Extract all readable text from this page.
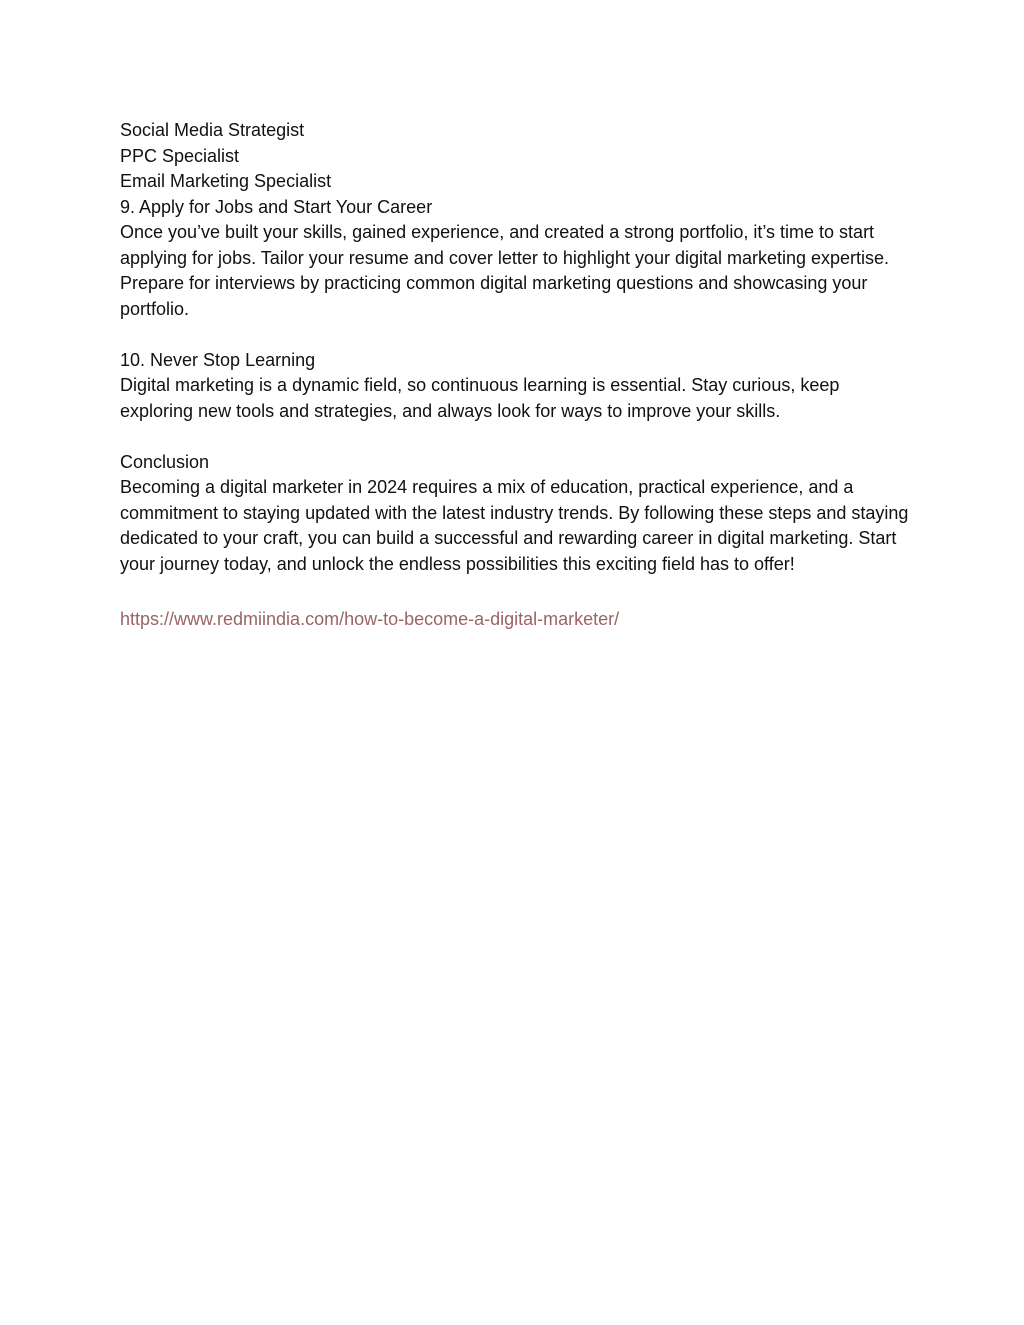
Social Media Strategist
PPC Specialist
Email Marketing Specialist
9. Apply for Jobs and Start Your Career

Once you’ve built your skills, gained experience, and created a strong portfolio, it’s time to start applying for jobs. Tailor your resume and cover letter to highlight your digital marketing expertise. Prepare for interviews by practicing common digital marketing questions and showcasing your portfolio.

10. Never Stop Learning

Digital marketing is a dynamic field, so continuous learning is essential. Stay curious, keep exploring new tools and strategies, and always look for ways to improve your skills.

Conclusion

Becoming a digital marketer in 2024 requires a mix of education, practical experience, and a commitment to staying updated with the latest industry trends. By following these steps and staying dedicated to your craft, you can build a successful and rewarding career in digital marketing. Start your journey today, and unlock the endless possibilities this exciting field has to offer!

https://www.redmiindia.com/how-to-become-a-digital-marketer/
